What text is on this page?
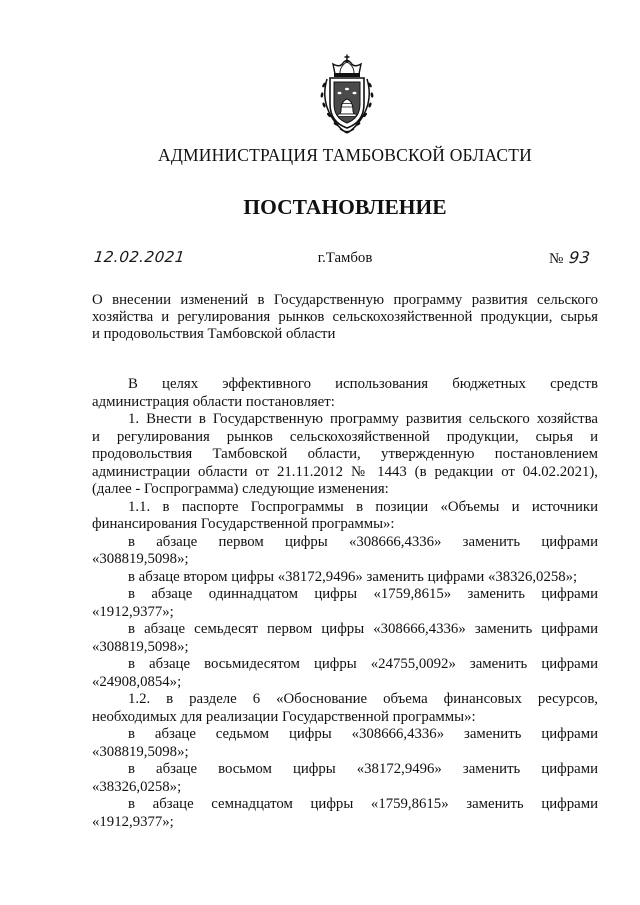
АДМИНИСТРАЦИЯ ТАМБОВСКОЙ ОБЛАСТИ
ПОСТАНОВЛЕНИЕ
12.02.2021	г.Тамбов	№ 93
О внесении изменений в Государственную программу развития сельского
хозяйства и регулирования рынков сельскохозяйственной продукции, сырья
и продовольствия Тамбовской области
В целях эффективного использования бюджетных средств
администрация области постановляет:
1. Внести в Государственную программу развития сельского хозяйства
и регулирования рынков сельскохозяйственной продукции, сырья и
продовольствия Тамбовской области, утвержденную постановлением
администрации области от 21.11.2012 № 1443 (в редакции от 04.02.2021),
(далее - Госпрограмма) следующие изменения:
1.1. в паспорте Госпрограммы в позиции «Объемы и источники
финансирования Государственной программы»:
в абзаце первом цифры «308666,4336» заменить цифрами
«308819,5098»;
в абзаце втором цифры «38172,9496» заменить цифрами «38326,0258»;
в абзаце одиннадцатом цифры «1759,8615» заменить цифрами
«1912,9377»;
в абзаце семьдесят первом цифры «308666,4336» заменить цифрами
«308819,5098»;
в абзаце восьмидесятом цифры «24755,0092» заменить цифрами
«24908,0854»;
1.2. в разделе 6 «Обоснование объема финансовых ресурсов,
необходимых для реализации Государственной программы»:
в абзаце седьмом цифры «308666,4336» заменить цифрами
«308819,5098»;
в абзаце восьмом цифры «38172,9496» заменить цифрами
«38326,0258»;
в абзаце семнадцатом цифры «1759,8615» заменить цифрами
«1912,9377»;
